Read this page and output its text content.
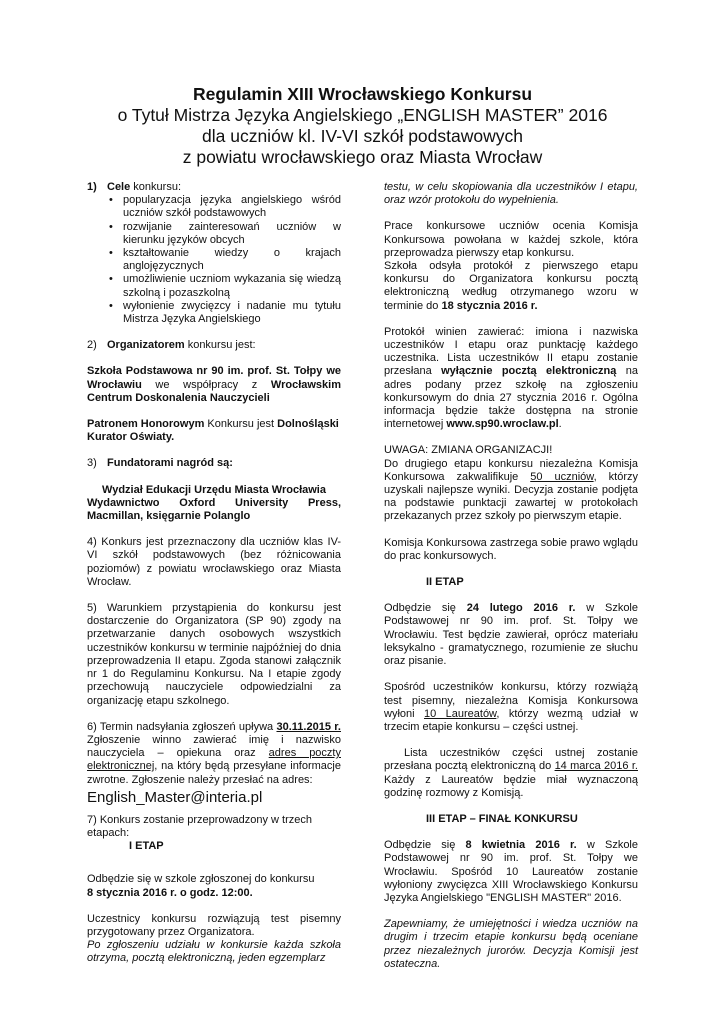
Regulamin XIII Wrocławskiego Konkursu
o Tytuł Mistrza Języka Angielskiego „ENGLISH MASTER” 2016
dla uczniów kl. IV-VI szkół podstawowych
z powiatu wrocławskiego oraz Miasta Wrocław

1) Cele konkursu:

• popularyzacja języka angielskiego wśród uczniów szkół podstawowych
• rozwijanie zainteresowań uczniów w kierunku języków obcych
• kształtowanie wiedzy o krajach anglojęzycznych
• umożliwienie uczniom wykazania się wiedzą szkolną i pozaszkolną
• wyłonienie zwycięzcy i nadanie mu tytułu Mistrza Języka Angielskiego

2) Organizatorem konkursu jest:

Szkoła Podstawowa nr 90 im. prof. St. Tołpy we Wrocławiu we współpracy z Wrocławskim Centrum Doskonalenia Nauczycieli

Patronem Honorowym Konkursu jest Dolnośląski Kurator Oświaty.

3) Fundatorami nagród są:

Wydział Edukacji Urzędu Miasta Wrocławia

Wydawnictwo Oxford University Press, Macmillan, księgarnie Polanglo

4) Konkurs jest przeznaczony dla uczniów klas IV-VI szkół podstawowych (bez różnicowania poziomów) z powiatu wrocławskiego oraz Miasta Wrocław.

5) Warunkiem przystąpienia do konkursu jest dostarczenie do Organizatora (SP 90) zgody na przetwarzanie danych osobowych wszystkich uczestników konkursu w terminie najpóźniej do dnia przeprowadzenia II etapu. Zgoda stanowi załącznik nr 1 do Regulaminu Konkursu. Na I etapie zgody przechowują nauczyciele odpowiedzialni za organizację etapu szkolnego.

6) Termin nadsyłania zgłoszeń upływa 30.11.2015 r. Zgłoszenie winno zawierać imię i nazwisko nauczyciela – opiekuna oraz adres poczty elektronicznej, na który będą przesyłane informacje zwrotne. Zgłoszenie należy przesłać na adres:

English_Master@interia.pl

7) Konkurs zostanie przeprowadzony w trzech etapach:

I ETAP

Odbędzie się w szkole zgłoszonej do konkursu

8 stycznia 2016 r. o godz. 12:00.

Uczestnicy konkursu rozwiązują test pisemny przygotowany przez Organizatora.

Po zgłoszeniu udziału w konkursie każda szkoła otrzyma, pocztą elektroniczną, jeden egzemplarz

testu, w celu skopiowania dla uczestników I etapu, oraz wzór protokołu do wypełnienia.

Prace konkursowe uczniów ocenia Komisja Konkursowa powołana w każdej szkole, która przeprowadza pierwszy etap konkursu.

Szkoła odsyła protokół z pierwszego etapu konkursu do Organizatora konkursu pocztą elektroniczną według otrzymanego wzoru w terminie do 18 stycznia 2016 r.

Protokół winien zawierać: imiona i nazwiska uczestników I etapu oraz punktację każdego uczestnika. Lista uczestników II etapu zostanie przesłana wyłącznie pocztą elektroniczną na adres podany przez szkołę na zgłoszeniu konkursowym do dnia 27 stycznia 2016 r. Ogólna informacja będzie także dostępna na stronie internetowej www.sp90.wroclaw.pl.

UWAGA: ZMIANA ORGANIZACJI!

Do drugiego etapu konkursu niezależna Komisja Konkursowa zakwalifikuje 50 uczniów, którzy uzyskali najlepsze wyniki. Decyzja zostanie podjęta na podstawie punktacji zawartej w protokołach przekazanych przez szkoły po pierwszym etapie.

Komisja Konkursowa zastrzega sobie prawo wglądu do prac konkursowych.

II ETAP

Odbędzie się 24 lutego 2016 r. w Szkole Podstawowej nr 90 im. prof. St. Tołpy we Wrocławiu. Test będzie zawierał, oprócz materiału leksykalno - gramatycznego, rozumienie ze słuchu oraz pisanie.

Spośród uczestników konkursu, którzy rozwiążą test pisemny, niezależna Komisja Konkursowa wyłoni 10 Laureatów, którzy wezmą udział w trzecim etapie konkursu – części ustnej.

Lista uczestników części ustnej zostanie przesłana pocztą elektroniczną do 14 marca 2016 r. Każdy z Laureatów będzie miał wyznaczoną godzinę rozmowy z Komisją.

III ETAP – FINAŁ KONKURSU

Odbędzie się 8 kwietnia 2016 r. w Szkole Podstawowej nr 90 im. prof. St. Tołpy we Wrocławiu. Spośród 10 Laureatów zostanie wyłoniony zwycięzca XIII Wrocławskiego Konkursu Języka Angielskiego "ENGLISH MASTER" 2016.

Zapewniamy, że umiejętności i wiedza uczniów na drugim i trzecim etapie konkursu będą oceniane przez niezależnych jurorów. Decyzja Komisji jest ostateczna.
